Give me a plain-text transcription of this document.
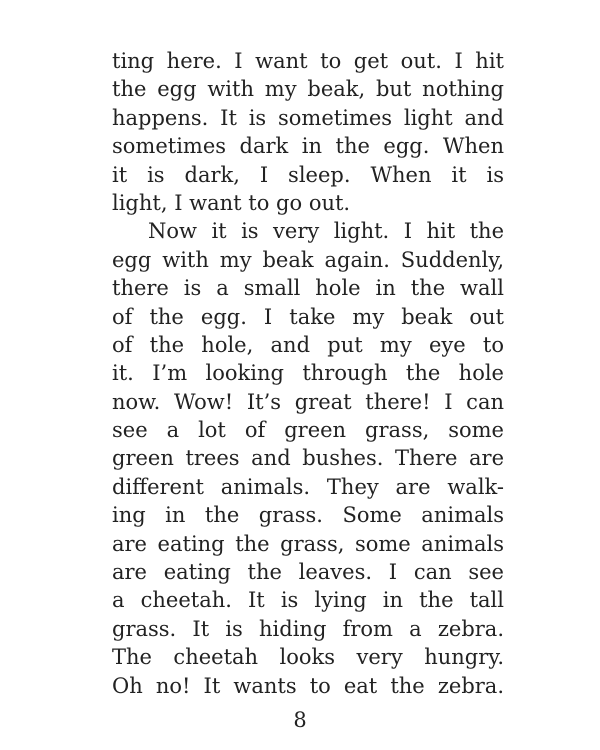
ting here. I want to get out. I hit
the egg with my beak, but nothing
happens. It is sometimes light and
sometimes dark in the egg. When
it is dark, I sleep. When it is
light, I want to go out.
Now it is very light. I hit the
egg with my beak again. Suddenly,
there is a small hole in the wall
of the egg. I take my beak out
of the hole, and put my eye to
it. I’m looking through the hole
now. Wow! It’s great there! I can
see a lot of green grass, some
green trees and bushes. There are
different animals. They are walk-
ing in the grass. Some animals
are eating the grass, some animals
are eating the leaves. I can see
a cheetah. It is lying in the tall
grass. It is hiding from a zebra.
The cheetah looks very hungry.
Oh no! It wants to eat the zebra.
8
